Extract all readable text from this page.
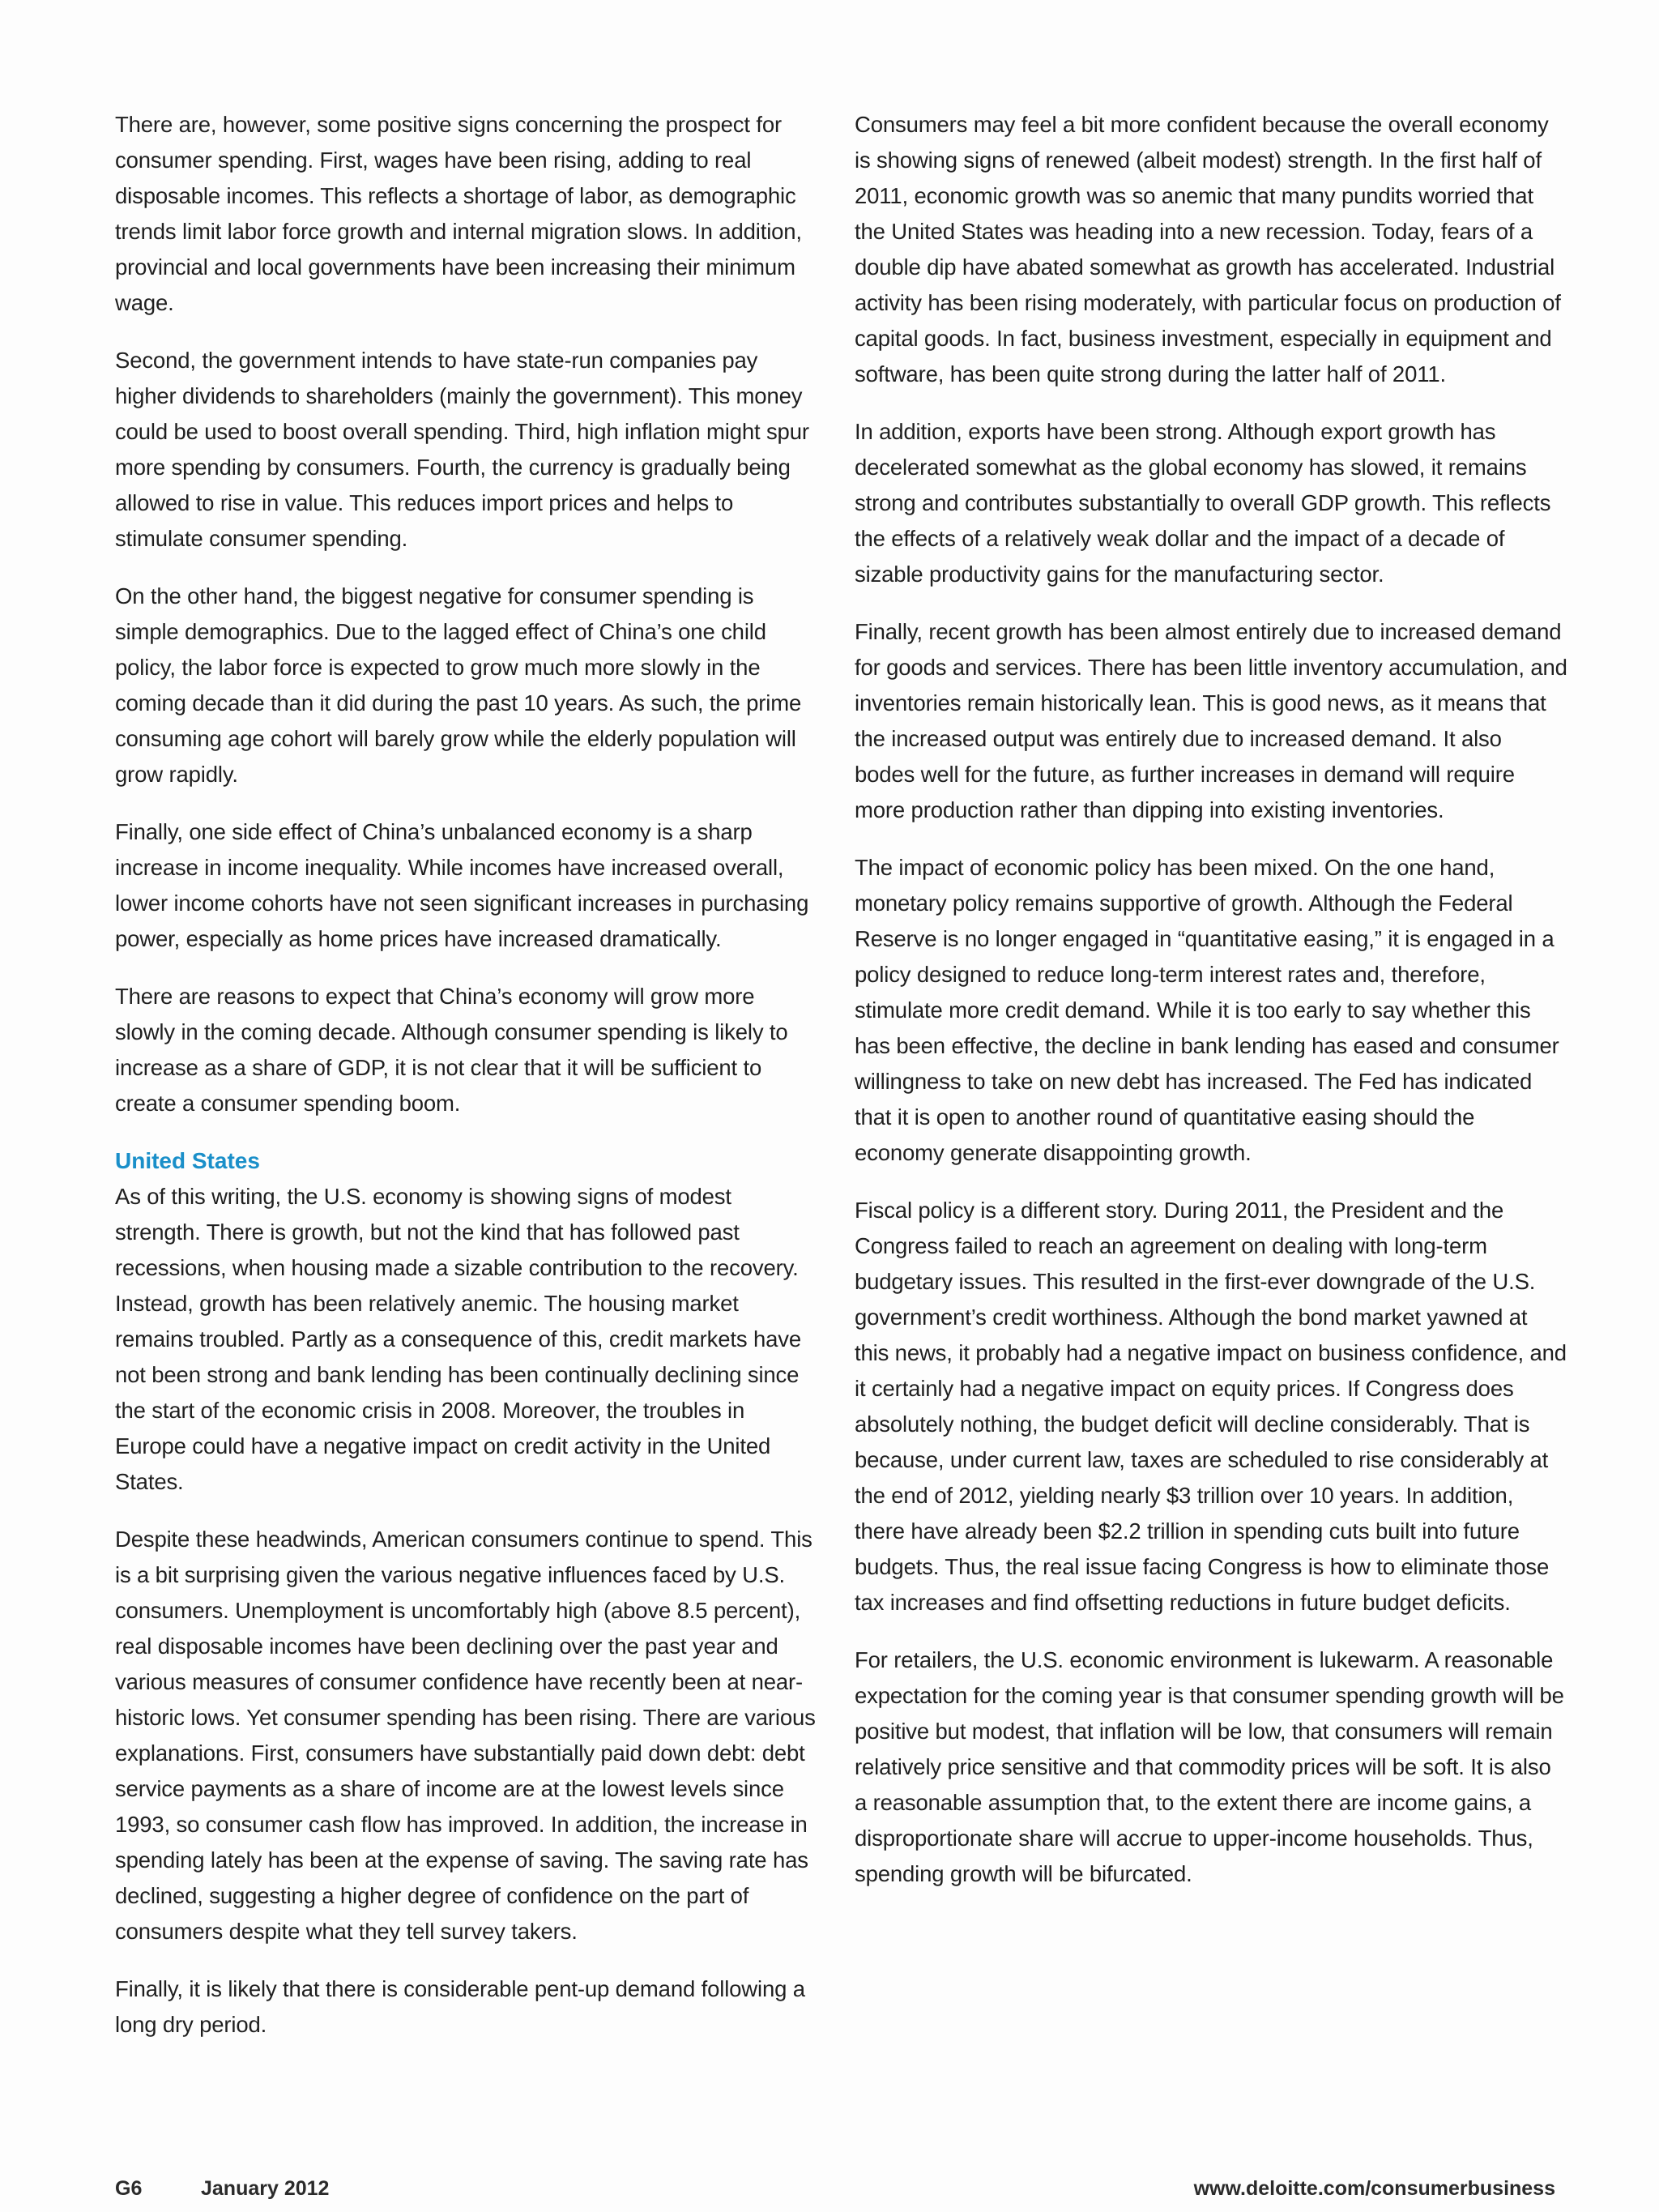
There are, however, some positive signs concerning the prospect for consumer spending. First, wages have been rising, adding to real disposable incomes. This reflects a shortage of labor, as demographic trends limit labor force growth and internal migration slows. In addition, provincial and local governments have been increasing their minimum wage.

Second, the government intends to have state-run companies pay higher dividends to shareholders (mainly the government). This money could be used to boost overall spending. Third, high inflation might spur more spending by consumers. Fourth, the currency is gradually being allowed to rise in value. This reduces import prices and helps to stimulate consumer spending.

On the other hand, the biggest negative for consumer spending is simple demographics. Due to the lagged effect of China’s one child policy, the labor force is expected to grow much more slowly in the coming decade than it did during the past 10 years. As such, the prime consuming age cohort will barely grow while the elderly population will grow rapidly.

Finally, one side effect of China’s unbalanced economy is a sharp increase in income inequality. While incomes have increased overall, lower income cohorts have not seen significant increases in purchasing power, especially as home prices have increased dramatically.

There are reasons to expect that China’s economy will grow more slowly in the coming decade. Although consumer spending is likely to increase as a share of GDP, it is not clear that it will be sufficient to create a consumer spending boom.

United States

As of this writing, the U.S. economy is showing signs of modest strength. There is growth, but not the kind that has followed past recessions, when housing made a sizable contribution to the recovery. Instead, growth has been relatively anemic. The housing market remains troubled. Partly as a consequence of this, credit markets have not been strong and bank lending has been continually declining since the start of the economic crisis in 2008. Moreover, the troubles in Europe could have a negative impact on credit activity in the United States.

Despite these headwinds, American consumers continue to spend. This is a bit surprising given the various negative influences faced by U.S. consumers. Unemployment is uncomfortably high (above 8.5 percent), real disposable incomes have been declining over the past year and various measures of consumer confidence have recently been at near-historic lows. Yet consumer spending has been rising. There are various explanations. First, consumers have substantially paid down debt: debt service payments as a share of income are at the lowest levels since 1993, so consumer cash flow has improved. In addition, the increase in spending lately has been at the expense of saving. The saving rate has declined, suggesting a higher degree of confidence on the part of consumers despite what they tell survey takers.

Finally, it is likely that there is considerable pent-up demand following a long dry period.

Consumers may feel a bit more confident because the overall economy is showing signs of renewed (albeit modest) strength. In the first half of 2011, economic growth was so anemic that many pundits worried that the United States was heading into a new recession. Today, fears of a double dip have abated somewhat as growth has accelerated. Industrial activity has been rising moderately, with particular focus on production of capital goods. In fact, business investment, especially in equipment and software, has been quite strong during the latter half of 2011.

In addition, exports have been strong. Although export growth has decelerated somewhat as the global economy has slowed, it remains strong and contributes substantially to overall GDP growth. This reflects the effects of a relatively weak dollar and the impact of a decade of sizable productivity gains for the manufacturing sector.

Finally, recent growth has been almost entirely due to increased demand for goods and services. There has been little inventory accumulation, and inventories remain historically lean. This is good news, as it means that the increased output was entirely due to increased demand. It also bodes well for the future, as further increases in demand will require more production rather than dipping into existing inventories.

The impact of economic policy has been mixed. On the one hand, monetary policy remains supportive of growth. Although the Federal Reserve is no longer engaged in “quantitative easing,” it is engaged in a policy designed to reduce long-term interest rates and, therefore, stimulate more credit demand. While it is too early to say whether this has been effective, the decline in bank lending has eased and consumer willingness to take on new debt has increased. The Fed has indicated that it is open to another round of quantitative easing should the economy generate disappointing growth.

Fiscal policy is a different story. During 2011, the President and the Congress failed to reach an agreement on dealing with long-term budgetary issues. This resulted in the first-ever downgrade of the U.S. government’s credit worthiness. Although the bond market yawned at this news, it probably had a negative impact on business confidence, and it certainly had a negative impact on equity prices. If Congress does absolutely nothing, the budget deficit will decline considerably. That is because, under current law, taxes are scheduled to rise considerably at the end of 2012, yielding nearly $3 trillion over 10 years. In addition, there have already been $2.2 trillion in spending cuts built into future budgets. Thus, the real issue facing Congress is how to eliminate those tax increases and find offsetting reductions in future budget deficits.

For retailers, the U.S. economic environment is lukewarm. A reasonable expectation for the coming year is that consumer spending growth will be positive but modest, that inflation will be low, that consumers will remain relatively price sensitive and that commodity prices will be soft. It is also a reasonable assumption that, to the extent there are income gains, a disproportionate share will accrue to upper-income households. Thus, spending growth will be bifurcated.

G6	January 2012	www.deloitte.com/consumerbusiness
